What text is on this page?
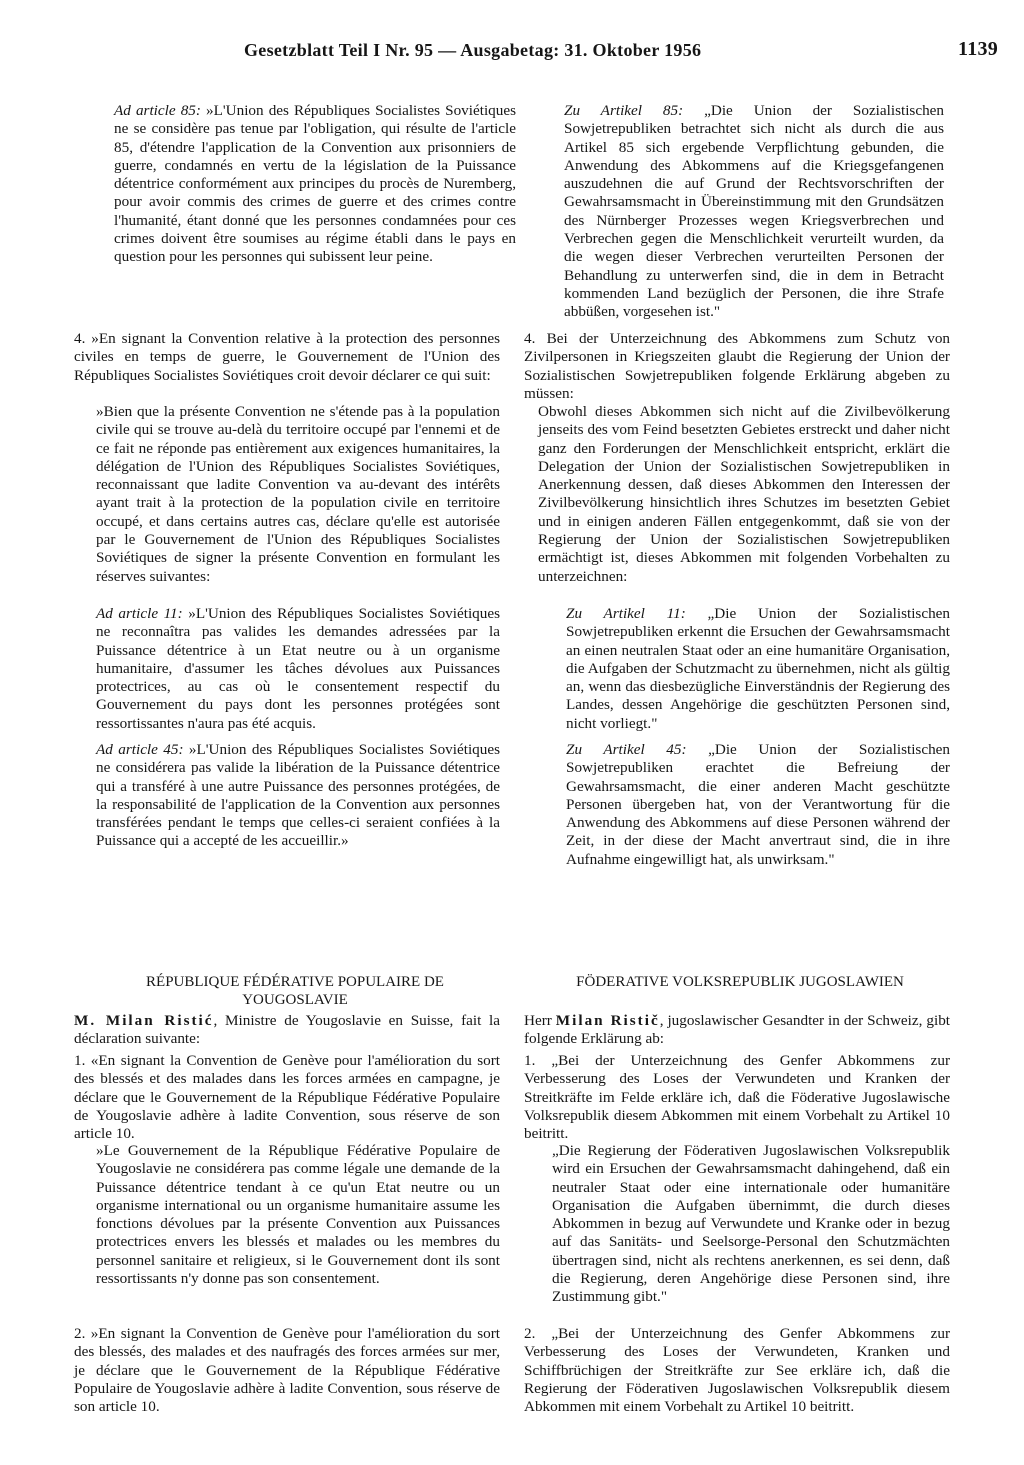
Gesetzblatt Teil I Nr. 95 — Ausgabetag: 31. Oktober 1956	1139

Ad article 85: »L'Union des Républiques Socialistes Soviétiques ne se considère pas tenue par l'obligation, qui résulte de l'article 85, d'étendre l'application de la Convention aux prisonniers de guerre, condamnés en vertu de la législation de la Puissance détentrice conformément aux principes du procès de Nuremberg, pour avoir commis des crimes de guerre et des crimes contre l'humanité, étant donné que les personnes condamnées pour ces crimes doivent être soumises au régime établi dans le pays en question pour les personnes qui subissent leur peine.

4. »En signant la Convention relative à la protection des personnes civiles en temps de guerre, le Gouvernement de l'Union des Républiques Socialistes Soviétiques croit devoir déclarer ce qui suit:

»Bien que la présente Convention ne s'étende pas à la population civile qui se trouve au-delà du territoire occupé par l'ennemi et de ce fait ne réponde pas entièrement aux exigences humanitaires, la délégation de l'Union des Républiques Socialistes Soviétiques, reconnaissant que ladite Convention va au-devant des intérêts ayant trait à la protection de la population civile en territoire occupé, et dans certains autres cas, déclare qu'elle est autorisée par le Gouvernement de l'Union des Républiques Socialistes Soviétiques de signer la présente Convention en formulant les réserves suivantes:

Ad article 11: »L'Union des Républiques Socialistes Soviétiques ne reconnaîtra pas valides les demandes adressées par la Puissance détentrice à un Etat neutre ou à un organisme humanitaire, d'assumer les tâches dévolues aux Puissances protectrices, au cas où le consentement respectif du Gouvernement du pays dont les personnes protégées sont ressortissantes n'aura pas été acquis.

Ad article 45: »L'Union des Républiques Socialistes Soviétiques ne considérera pas valide la libération de la Puissance détentrice qui a transféré à une autre Puissance des personnes protégées, de la responsabilité de l'application de la Convention aux personnes transférées pendant le temps que celles-ci seraient confiées à la Puissance qui a accepté de les accueillir.»

RÉPUBLIQUE FÉDÉRATIVE POPULAIRE DE YOUGOSLAVIE

M. Milan Ristić, Ministre de Yougoslavie en Suisse, fait la déclaration suivante:

1. «En signant la Convention de Genève pour l'amélioration du sort des blessés et des malades dans les forces armées en campagne, je déclare que le Gouvernement de la République Fédérative Populaire de Yougoslavie adhère à ladite Convention, sous réserve de son article 10.

»Le Gouvernement de la République Fédérative Populaire de Yougoslavie ne considérera pas comme légale une demande de la Puissance détentrice tendant à ce qu'un Etat neutre ou un organisme international ou un organisme humanitaire assume les fonctions dévolues par la présente Convention aux Puissances protectrices envers les blessés et malades ou les membres du personnel sanitaire et religieux, si le Gouvernement dont ils sont ressortissants n'y donne pas son consentement.

2. »En signant la Convention de Genève pour l'amélioration du sort des blessés, des malades et des naufragés des forces armées sur mer, je déclare que le Gouvernement de la République Fédérative Populaire de Yougoslavie adhère à ladite Convention, sous réserve de son article 10.

Zu Artikel 85: „Die Union der Sozialistischen Sowjetrepubliken betrachtet sich nicht als durch die aus Artikel 85 sich ergebende Verpflichtung gebunden, die Anwendung des Abkommens auf die Kriegsgefangenen auszudehnen die auf Grund der Rechtsvorschriften der Gewahrsamsmacht in Übereinstimmung mit den Grundsätzen des Nürnberger Prozesses wegen Kriegsverbrechen und Verbrechen gegen die Menschlichkeit verurteilt wurden, da die wegen dieser Verbrechen verurteilten Personen der Behandlung zu unterwerfen sind, die in dem in Betracht kommenden Land bezüglich der Personen, die ihre Strafe abbüßen, vorgesehen ist."

4. Bei der Unterzeichnung des Abkommens zum Schutz von Zivilpersonen in Kriegszeiten glaubt die Regierung der Union der Sozialistischen Sowjetrepubliken folgende Erklärung abgeben zu müssen:

Obwohl dieses Abkommen sich nicht auf die Zivilbevölkerung jenseits des vom Feind besetzten Gebietes erstreckt und daher nicht ganz den Forderungen der Menschlichkeit entspricht, erklärt die Delegation der Union der Sozialistischen Sowjetrepubliken in Anerkennung dessen, daß dieses Abkommen den Interessen der Zivilbevölkerung hinsichtlich ihres Schutzes im besetzten Gebiet und in einigen anderen Fällen entgegenkommt, daß sie von der Regierung der Union der Sozialistischen Sowjetrepubliken ermächtigt ist, dieses Abkommen mit folgenden Vorbehalten zu unterzeichnen:

Zu Artikel 11: „Die Union der Sozialistischen Sowjetrepubliken erkennt die Ersuchen der Gewahrsamsmacht an einen neutralen Staat oder an eine humanitäre Organisation, die Aufgaben der Schutzmacht zu übernehmen, nicht als gültig an, wenn das diesbezügliche Einverständnis der Regierung des Landes, dessen Angehörige die geschützten Personen sind, nicht vorliegt."

Zu Artikel 45: „Die Union der Sozialistischen Sowjetrepubliken erachtet die Befreiung der Gewahrsamsmacht, die einer anderen Macht geschützte Personen übergeben hat, von der Verantwortung für die Anwendung des Abkommens auf diese Personen während der Zeit, in der diese der Macht anvertraut sind, die in ihre Aufnahme eingewilligt hat, als unwirksam."

FÖDERATIVE VOLKSREPUBLIK JUGOSLAWIEN

Herr Milan Ristič, jugoslawischer Gesandter in der Schweiz, gibt folgende Erklärung ab:

1. „Bei der Unterzeichnung des Genfer Abkommens zur Verbesserung des Loses der Verwundeten und Kranken der Streitkräfte im Felde erkläre ich, daß die Föderative Jugoslawische Volksrepublik diesem Abkommen mit einem Vorbehalt zu Artikel 10 beitritt.

„Die Regierung der Föderativen Jugoslawischen Volksrepublik wird ein Ersuchen der Gewahrsamsmacht dahingehend, daß ein neutraler Staat oder eine internationale oder humanitäre Organisation die Aufgaben übernimmt, die durch dieses Abkommen in bezug auf Verwundete und Kranke oder in bezug auf das Sanitäts- und Seelsorge-Personal den Schutzmächten übertragen sind, nicht als rechtens anerkennen, es sei denn, daß die Regierung, deren Angehörige diese Personen sind, ihre Zustimmung gibt."

2. „Bei der Unterzeichnung des Genfer Abkommens zur Verbesserung des Loses der Verwundeten, Kranken und Schiffbrüchigen der Streitkräfte zur See erkläre ich, daß die Regierung der Föderativen Jugoslawischen Volksrepublik diesem Abkommen mit einem Vorbehalt zu Artikel 10 beitritt.
